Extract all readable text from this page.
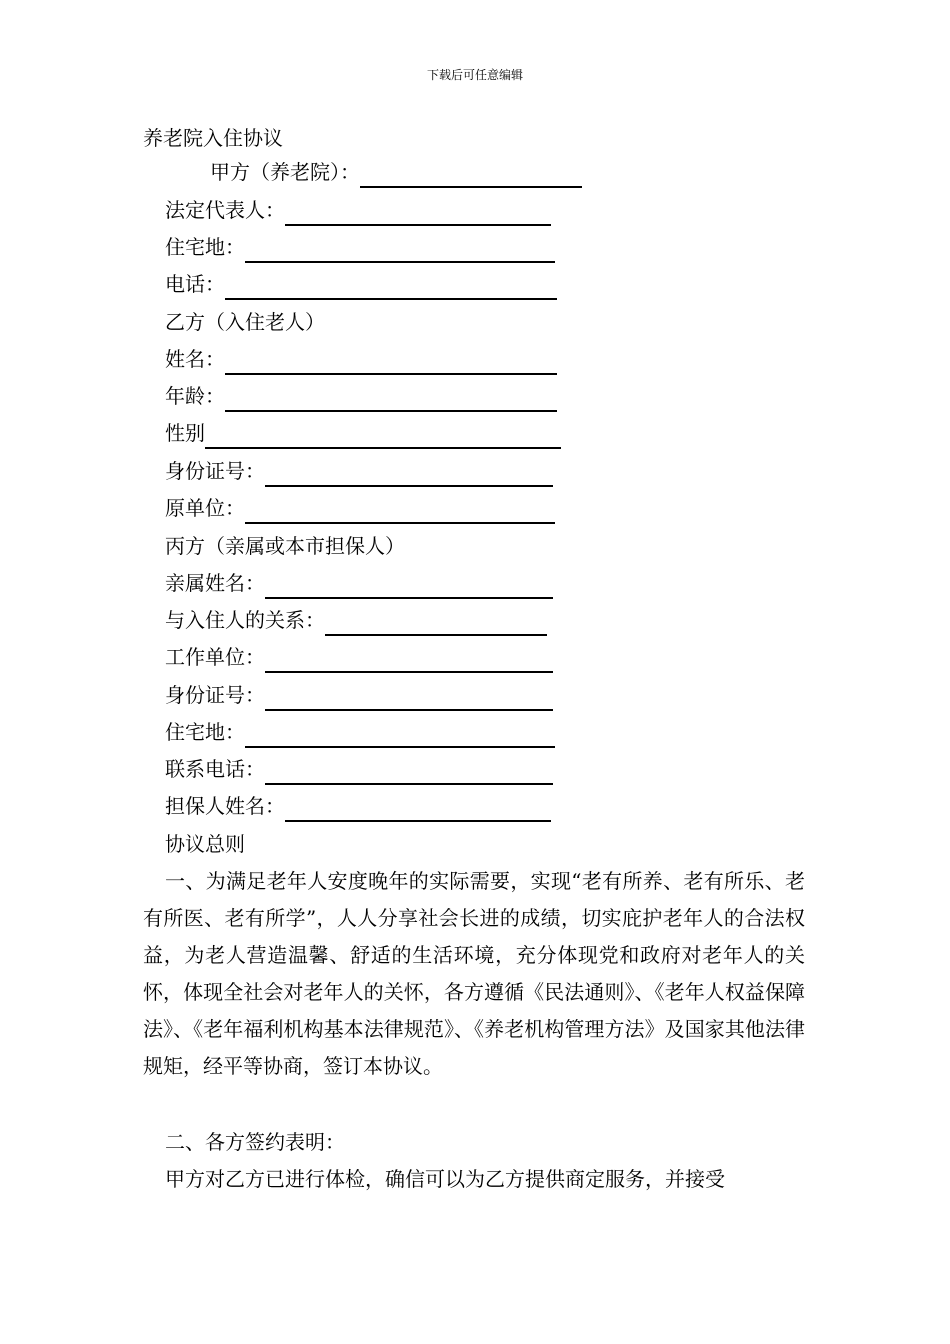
下载后可任意编辑
养老院入住协议
甲方（养老院）：
法定代表人：
住宅地：
电话：
乙方（入住老人）
姓名：
年龄：
性别
身份证号：
原单位：
丙方（亲属或本市担保人）
亲属姓名：
与入住人的关系：
工作单位：
身份证号：
住宅地：
联系电话：
担保人姓名：
协议总则

一、为满足老年人安度晚年的实际需要，实现“老有所养、老有所乐、老有所医、老有所学”，人人分享社会长进的成绩，切实庇护老年人的合法权益，为老人营造温馨、舒适的生活环境，充分体现党和政府对老年人的关怀，体现全社会对老年人的关怀，各方遵循《民法通则》、《老年人权益保障法》、《老年福利机构基本法律规范》、《养老机构管理方法》及国家其他法律规矩，经平等协商，签订本协议。

二、各方签约表明：

甲方对乙方已进行体检，确信可以为乙方提供商定服务，并接受
